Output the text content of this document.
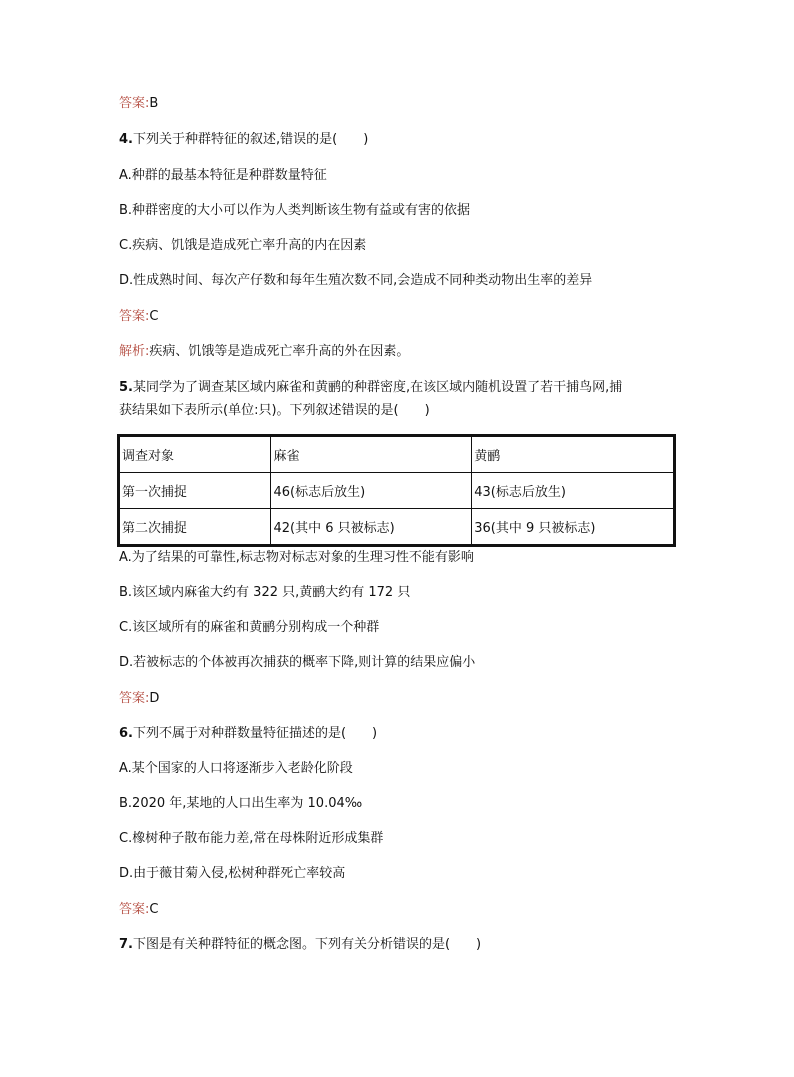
答案:B
4.下列关于种群特征的叙述,错误的是(　　)
A.种群的最基本特征是种群数量特征
B.种群密度的大小可以作为人类判断该生物有益或有害的依据
C.疾病、饥饿是造成死亡率升高的内在因素
D.性成熟时间、每次产仔数和每年生殖次数不同,会造成不同种类动物出生率的差异
答案:C
解析:疾病、饥饿等是造成死亡率升高的外在因素。
5.某同学为了调查某区域内麻雀和黄鹂的种群密度,在该区域内随机设置了若干捕鸟网,捕
获结果如下表所示(单位:只)。下列叙述错误的是(　　)
调查对象	麻雀	黄鹂
第一次捕捉	46(标志后放生)	43(标志后放生)
第二次捕捉	42(其中 6 只被标志)	36(其中 9 只被标志)
A.为了结果的可靠性,标志物对标志对象的生理习性不能有影响
B.该区域内麻雀大约有 322 只,黄鹂大约有 172 只
C.该区域所有的麻雀和黄鹂分别构成一个种群
D.若被标志的个体被再次捕获的概率下降,则计算的结果应偏小
答案:D
6.下列不属于对种群数量特征描述的是(　　)
A.某个国家的人口将逐渐步入老龄化阶段
B.2020 年,某地的人口出生率为 10.04‰
C.橡树种子散布能力差,常在母株附近形成集群
D.由于薇甘菊入侵,松树种群死亡率较高
答案:C
7.下图是有关种群特征的概念图。下列有关分析错误的是(　　)
